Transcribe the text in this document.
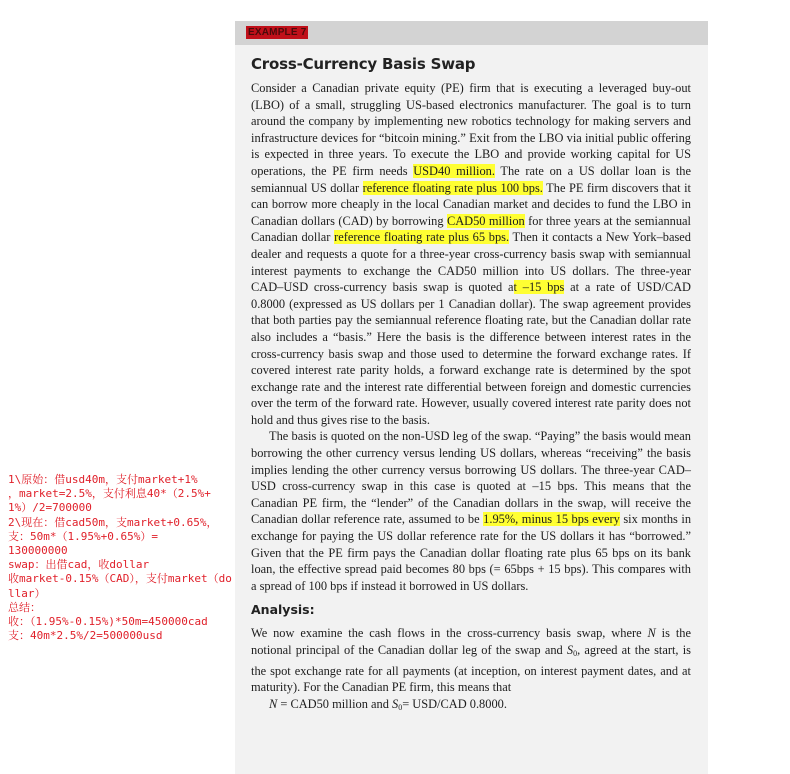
EXAMPLE 7
Cross-Currency Basis Swap

Consider a Canadian private equity (PE) firm that is executing a leveraged buy-out (LBO) of a small, struggling US-based electronics manufacturer. The goal is to turn around the company by implementing new robotics technology for making servers and infrastructure devices for “bitcoin mining.” Exit from the LBO via initial public offering is expected in three years. To execute the LBO and provide working capital for US operations, the PE firm needs USD40 million. The rate on a US dollar loan is the semiannual US dollar reference floating rate plus 100 bps. The PE firm discovers that it can borrow more cheaply in the local Canadian market and decides to fund the LBO in Canadian dollars (CAD) by borrowing CAD50 million for three years at the semiannual Canadian dollar reference floating rate plus 65 bps. Then it contacts a New York–based dealer and requests a quote for a three-year cross-currency basis swap with semiannual interest payments to exchange the CAD50 million into US dollars. The three-year CAD–USD cross-currency basis swap is quoted at –15 bps at a rate of USD/CAD 0.8000 (expressed as US dollars per 1 Canadian dollar). The swap agreement provides that both parties pay the semiannual reference floating rate, but the Canadian dollar rate also includes a “basis.” Here the basis is the difference between interest rates in the cross-currency basis swap and those used to determine the forward exchange rates. If covered interest rate parity holds, a forward exchange rate is determined by the spot exchange rate and the interest rate differential between foreign and domestic currencies over the term of the forward rate. However, usually covered interest rate parity does not hold and thus gives rise to the basis.

The basis is quoted on the non-USD leg of the swap. “Paying” the basis would mean borrowing the other currency versus lending US dollars, whereas “receiving” the basis implies lending the other currency versus borrowing US dollars. The three-year CAD–USD cross-currency swap in this case is quoted at –15 bps. This means that the Canadian PE firm, the “lender” of the Canadian dollars in the swap, will receive the Canadian dollar reference rate, assumed to be 1.95%, minus 15 bps every six months in exchange for paying the US dollar reference rate for the US dollars it has “borrowed.” Given that the PE firm pays the Canadian dollar floating rate plus 65 bps on its bank loan, the effective spread paid becomes 80 bps (= 65bps + 15 bps). This compares with a spread of 100 bps if instead it borrowed in US dollars.

Analysis:

We now examine the cash flows in the cross-currency basis swap, where N is the notional principal of the Canadian dollar leg of the swap and $S_0$, agreed at the start, is the spot exchange rate for all payments (at inception, on interest payment dates, and at maturity). For the Canadian PE firm, this means that

N = CAD50 million and $S_0= USD/CAD$ 0.8000.

1\原始：借usd40m，支付market+1%
，market=2.5%，支付利息40*（2.5%+1%）/2=700000
2\现在：借cad50m，支market+0.65%，支：50m*（1.95%+0.65%）=
130000000
swap：出借cad，收dollar
收market-0.15%（CAD），支付market（dollar）
总结：
收：（1.95%-0.15%)*50m=450000cad
支：40m*2.5%/2=500000usd
